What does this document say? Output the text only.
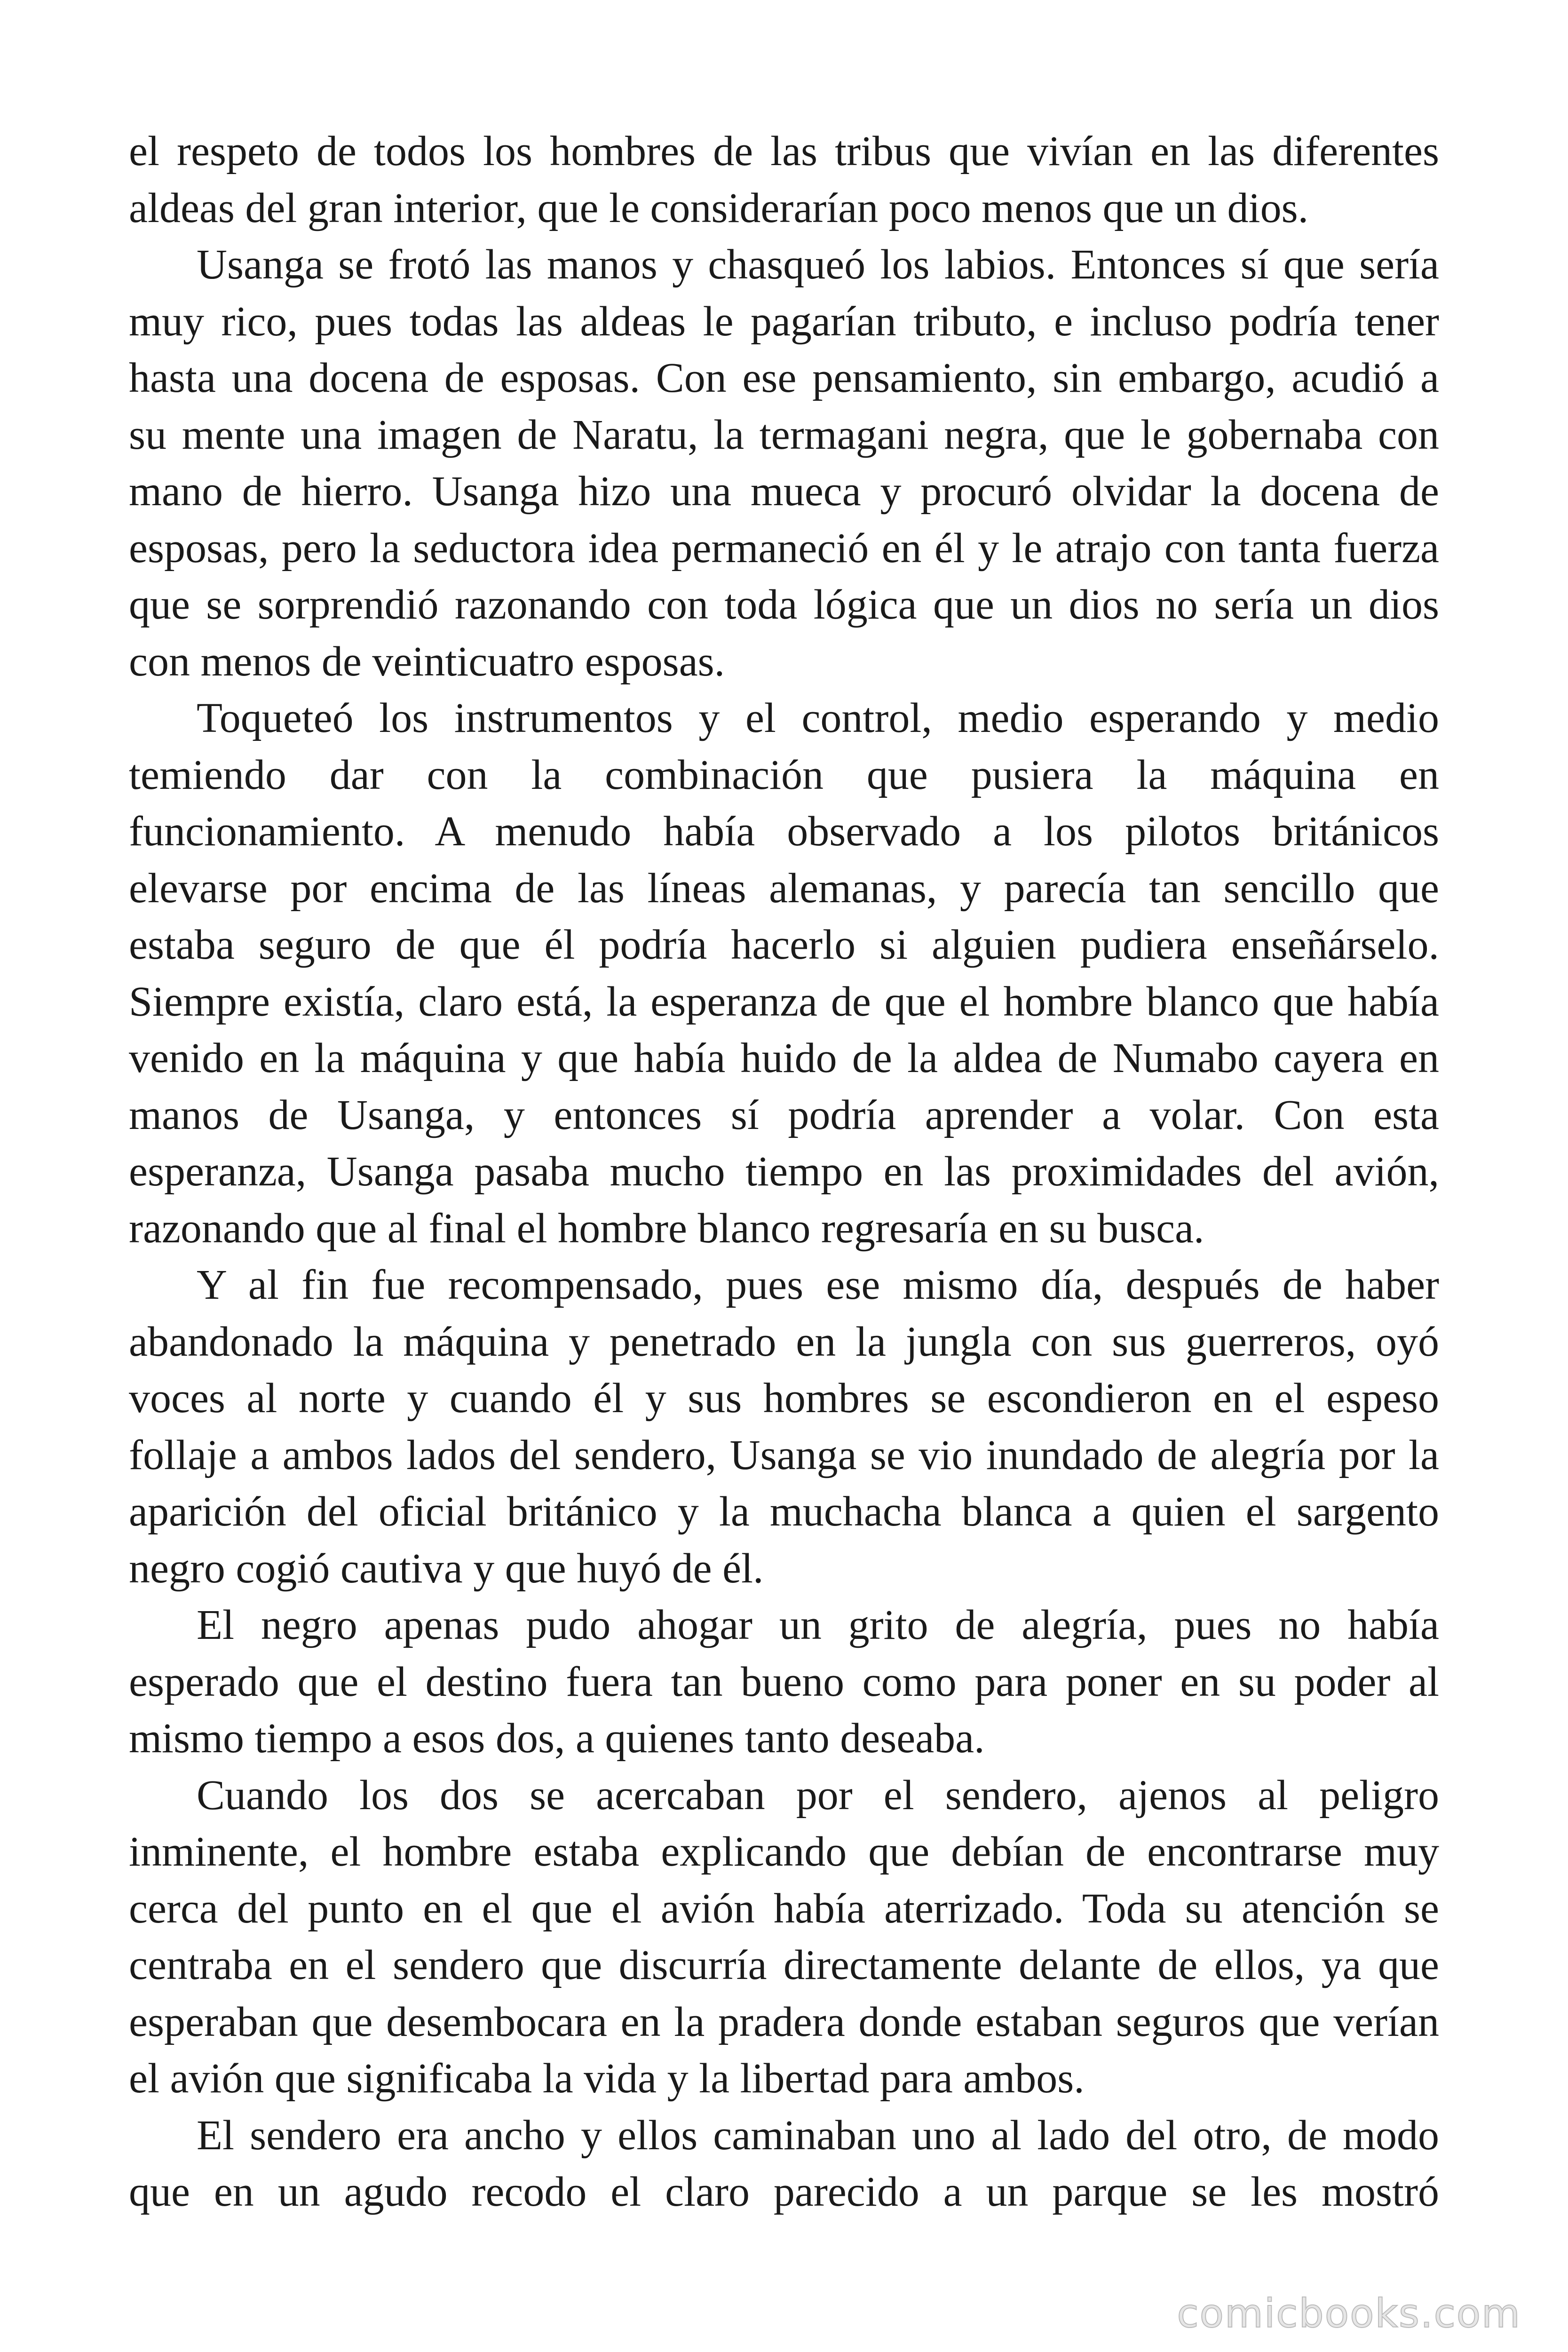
el respeto de todos los hombres de las tribus que vivían en las diferentes
aldeas del gran interior, que le considerarían poco menos que un dios.
Usanga se frotó las manos y chasqueó los labios. Entonces sí que sería
muy rico, pues todas las aldeas le pagarían tributo, e incluso podría tener
hasta una docena de esposas. Con ese pensamiento, sin embargo, acudió a
su mente una imagen de Naratu, la termagani negra, que le gobernaba con
mano de hierro. Usanga hizo una mueca y procuró olvidar la docena de
esposas, pero la seductora idea permaneció en él y le atrajo con tanta fuerza
que se sorprendió razonando con toda lógica que un dios no sería un dios
con menos de veinticuatro esposas.
Toqueteó los instrumentos y el control, medio esperando y medio
temiendo dar con la combinación que pusiera la máquina en
funcionamiento. A menudo había observado a los pilotos británicos
elevarse por encima de las líneas alemanas, y parecía tan sencillo que
estaba seguro de que él podría hacerlo si alguien pudiera enseñárselo.
Siempre existía, claro está, la esperanza de que el hombre blanco que había
venido en la máquina y que había huido de la aldea de Numabo cayera en
manos de Usanga, y entonces sí podría aprender a volar. Con esta
esperanza, Usanga pasaba mucho tiempo en las proximidades del avión,
razonando que al final el hombre blanco regresaría en su busca.
Y al fin fue recompensado, pues ese mismo día, después de haber
abandonado la máquina y penetrado en la jungla con sus guerreros, oyó
voces al norte y cuando él y sus hombres se escondieron en el espeso
follaje a ambos lados del sendero, Usanga se vio inundado de alegría por la
aparición del oficial británico y la muchacha blanca a quien el sargento
negro cogió cautiva y que huyó de él.
El negro apenas pudo ahogar un grito de alegría, pues no había
esperado que el destino fuera tan bueno como para poner en su poder al
mismo tiempo a esos dos, a quienes tanto deseaba.
Cuando los dos se acercaban por el sendero, ajenos al peligro
inminente, el hombre estaba explicando que debían de encontrarse muy
cerca del punto en el que el avión había aterrizado. Toda su atención se
centraba en el sendero que discurría directamente delante de ellos, ya que
esperaban que desembocara en la pradera donde estaban seguros que verían
el avión que significaba la vida y la libertad para ambos.
El sendero era ancho y ellos caminaban uno al lado del otro, de modo
que en un agudo recodo el claro parecido a un parque se les mostró
comicbooks.com
